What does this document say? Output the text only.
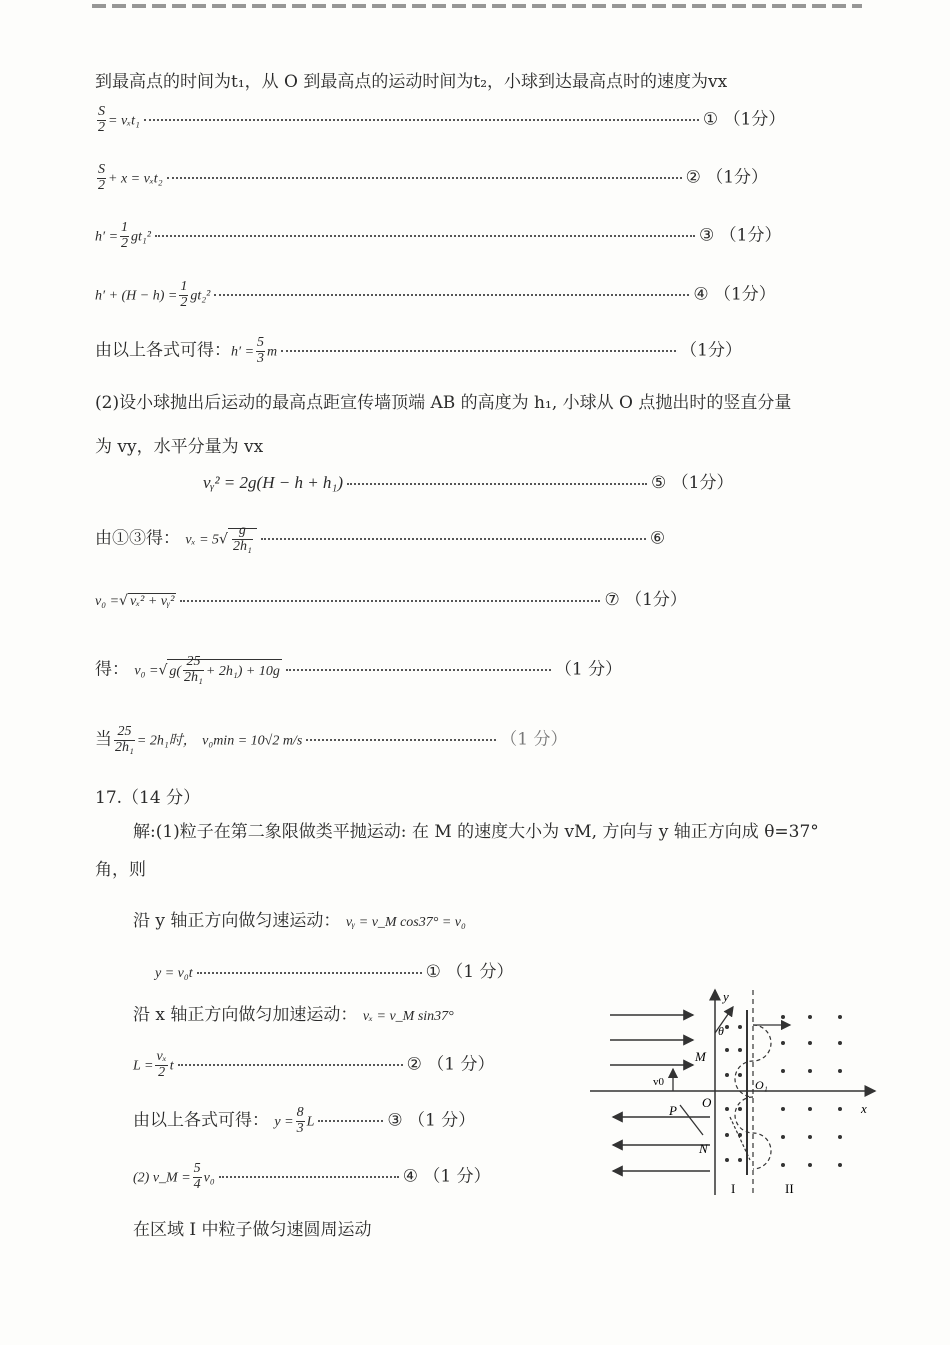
到最高点的时间为t₁，从 O 到最高点的运动时间为t₂，小球到达最高点时的速度为vx
$\frac{S}{2} = v_xt_1$	① （1分）
$\frac{S}{2} + x = v_xt_2$	② （1分）
$h' = \frac{1}{2} gt_1^2$	③ （1分）
$h' + (H - h) = \frac{1}{2} gt_2^2$	④ （1分）
由以上各式可得：$h' = \frac{5}{3}$ m	（1分）
(2)设小球抛出后运动的最高点距宣传墙顶端 AB 的高度为 h₁, 小球从 O 点抛出时的竖直分量
为 vy，水平分量为 vx
vᵧ² = 2g(H − h + h₁)	⑤ （1分）
由①③得： $v_x = 5√ \frac{g}{\text{2h₁}}$	⑥
v₀ =√ vₓ² + vᵧ²	⑦ （1分）
得： v₀ =√ $g( \frac{25}{\text{2h₁}} + 2h_1) + 10g$	（1 分）
当 $\frac{25}{\text{2h₁}} = 2h_1$时， v₀min = 10√2 m/s	（1 分）
17.（14 分）
解:(1)粒子在第二象限做类平抛运动: 在 M 的速度大小为 vM, 方向与 y 轴正方向成 θ=37°
角，则
沿 y 轴正方向做匀速运动： vᵧ = v_M cos37° = v₀
y = v₀t	① （1 分）
沿 x 轴正方向做匀加速运动： vₓ = v_M sin37°
$L = \frac{\text{vₓ}}{2}$ t	② （1 分）
由以上各式可得： $y = \frac{8}{3}$ L	③ （1 分）
(2) v_M = $\frac{5}{4} v_0$	④ （1 分）
在区域 I 中粒子做匀速圆周运动
y
x
M
O
O₁
P
N
θ
v0
I	II
